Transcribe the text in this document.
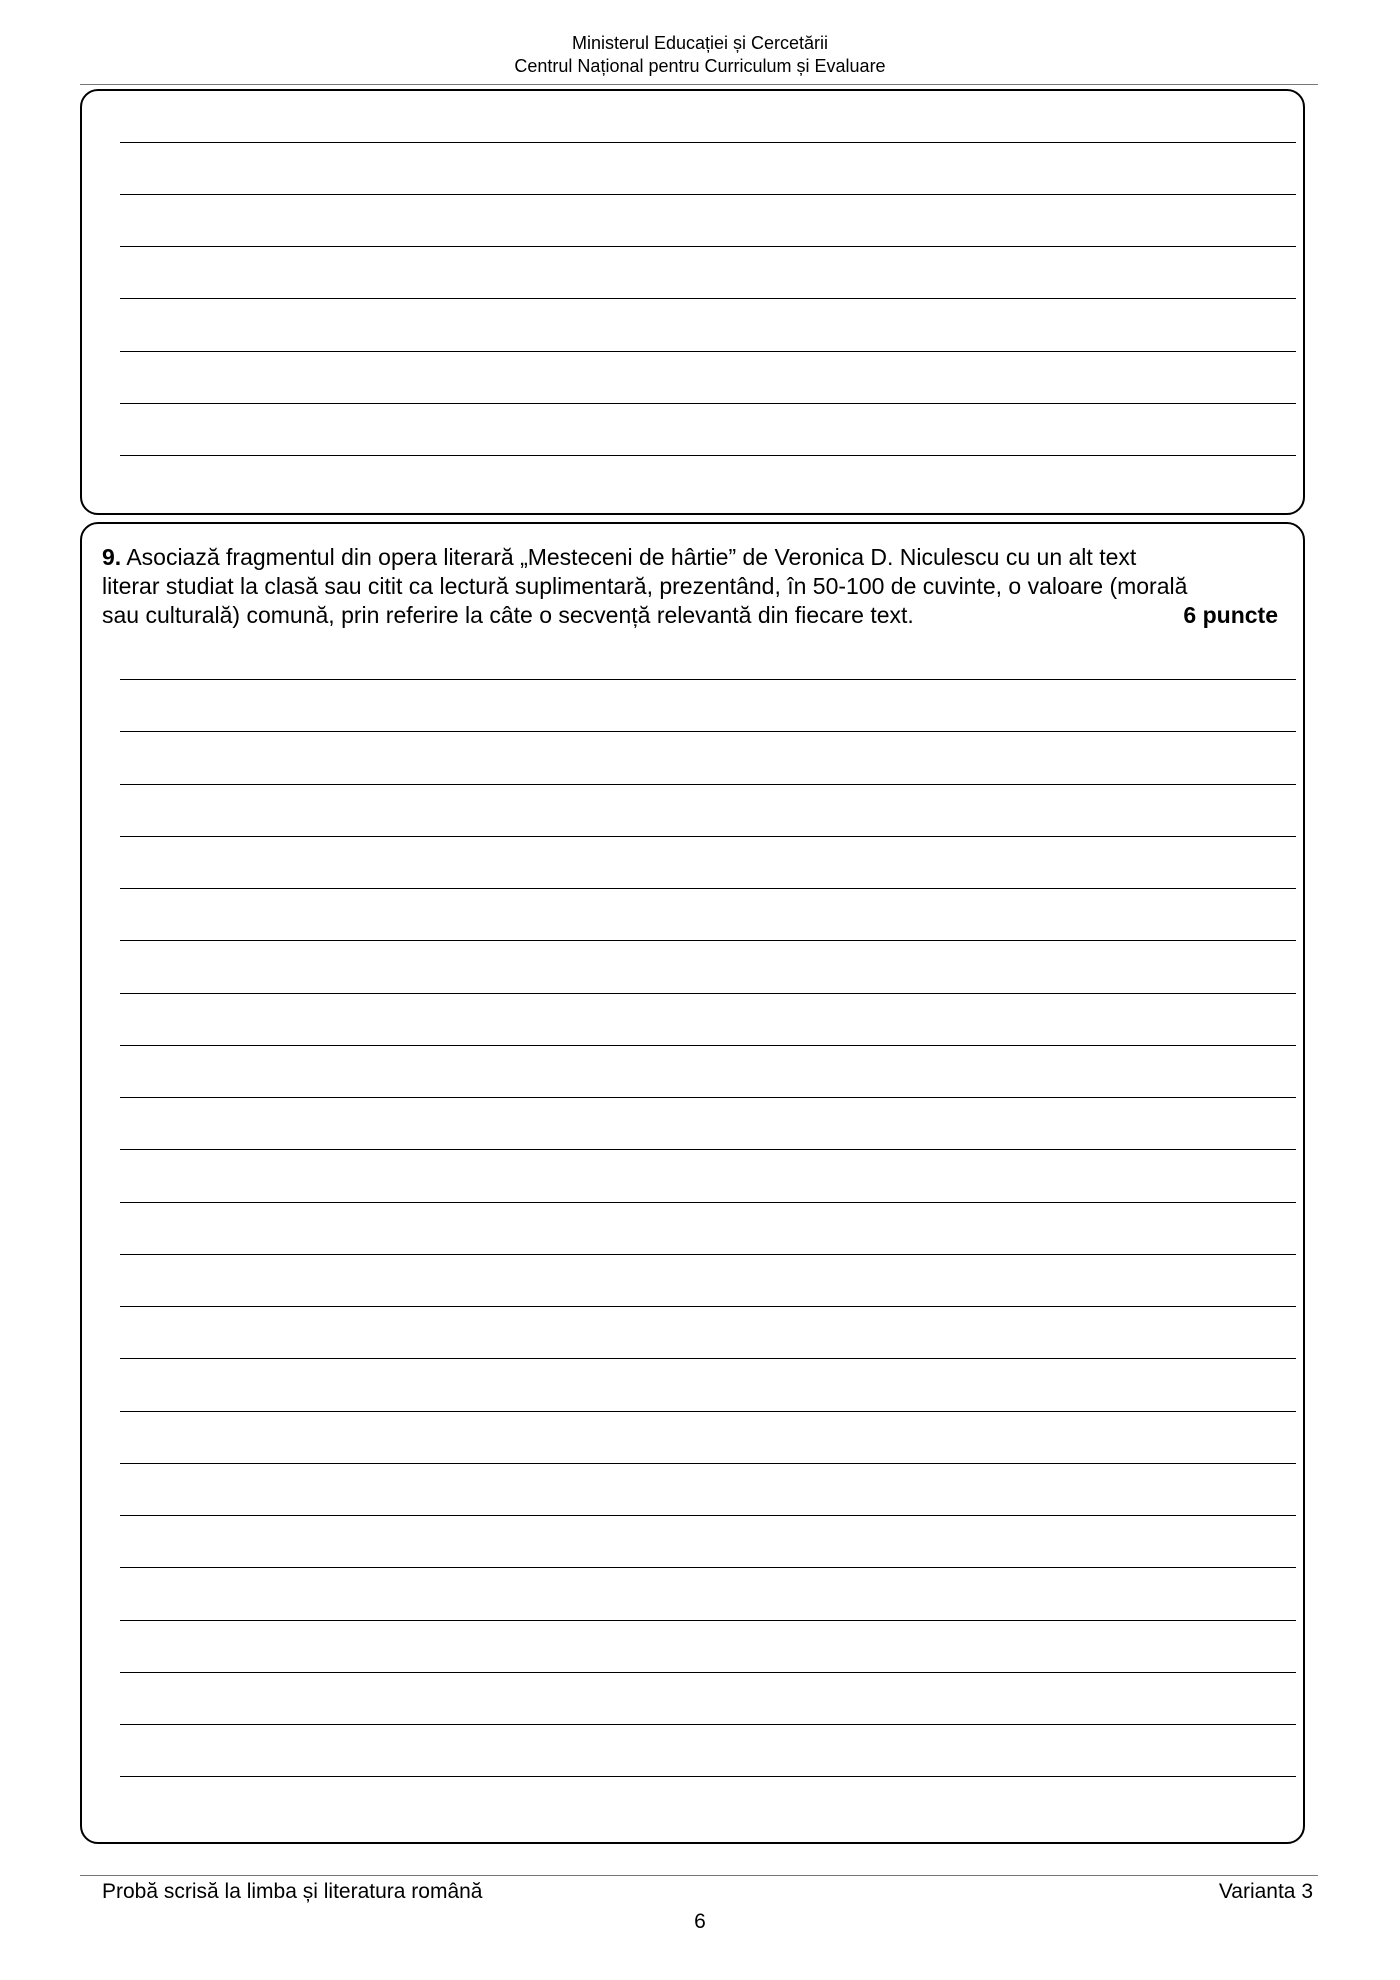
Ministerul Educației și Cercetării
Centrul Național pentru Curriculum și Evaluare
9. Asociază fragmentul din opera literară „Mesteceni de hârtie” de Veronica D. Niculescu cu un alt text
literar studiat la clasă sau citit ca lectură suplimentară, prezentând, în 50-100 de cuvinte, o valoare (morală
sau culturală) comună, prin referire la câte o secvență relevantă din fiecare text.	6 puncte
Probă scrisă la limba și literatura română	Varianta 3
6
